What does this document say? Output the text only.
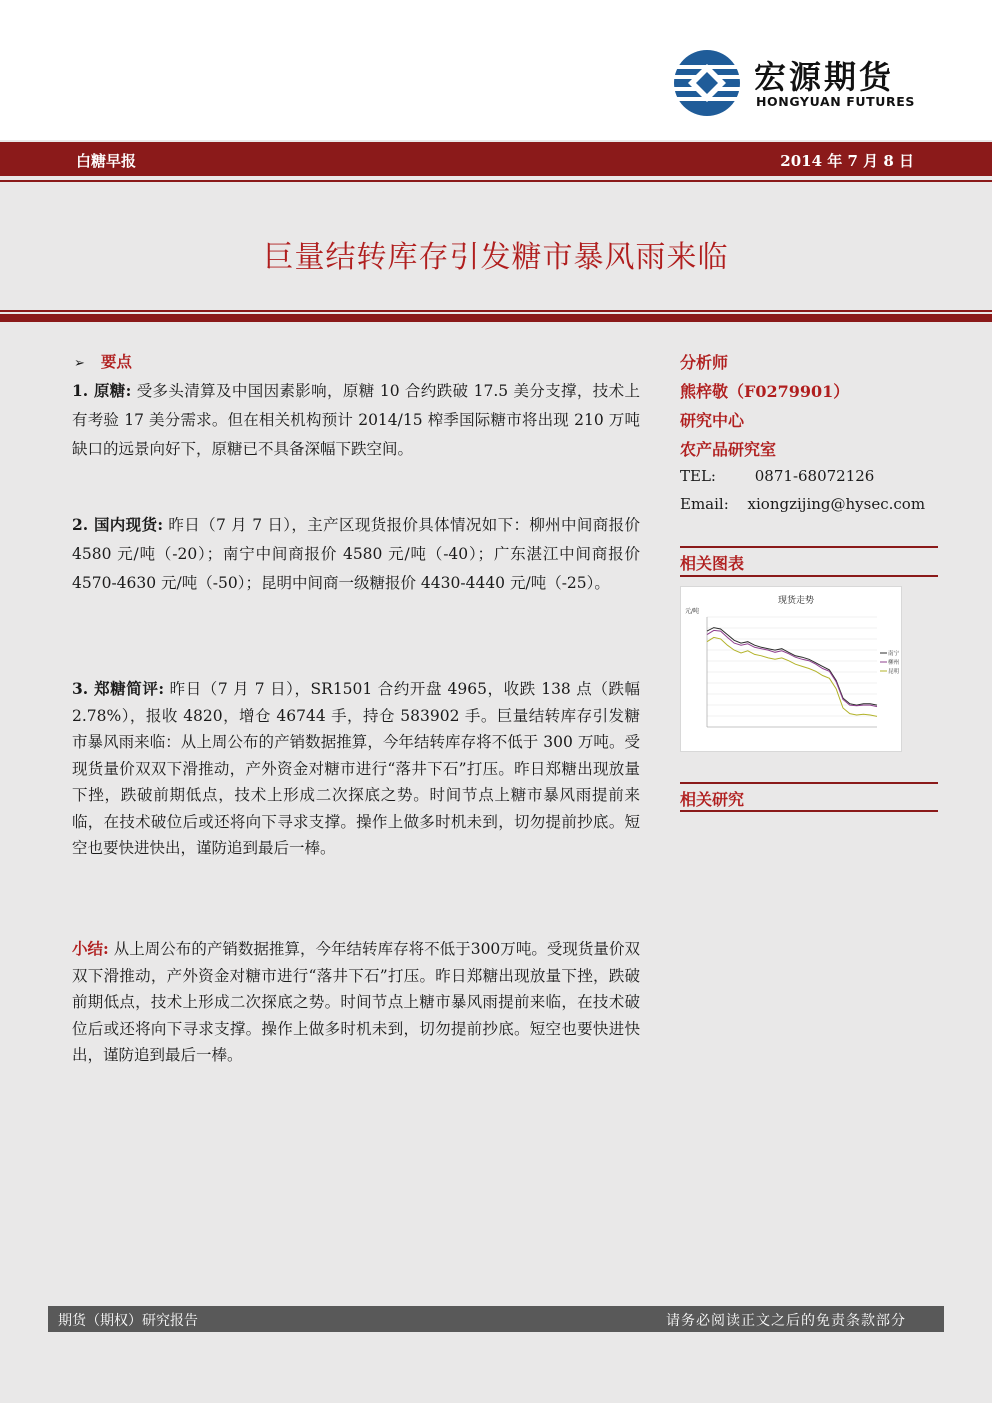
宏源期货
HONGYUAN FUTURES
白糖早报	2014 年 7 月 8 日
巨量结转库存引发糖市暴风雨来临
➢ 要点
1. 原糖: 受多头清算及中国因素影响，原糖 10 合约跌破 17.5 美分支撑，技术上有考验 17 美分需求。但在相关机构预计 2014/15 榨季国际糖市将出现 210 万吨缺口的远景向好下，原糖已不具备深幅下跌空间。
2. 国内现货: 昨日（7 月 7 日），主产区现货报价具体情况如下：柳州中间商报价 4580 元/吨（-20）；南宁中间商报价 4580 元/吨（-40）；广东湛江中间商报价 4570-4630 元/吨（-50）；昆明中间商一级糖报价 4430-4440 元/吨（-25）。
3. 郑糖简评: 昨日（7 月 7 日），SR1501 合约开盘 4965，收跌 138 点（跌幅 2.78%），报收 4820，增仓 46744 手，持仓 583902 手。巨量结转库存引发糖市暴风雨来临：从上周公布的产销数据推算，今年结转库存将不低于 300 万吨。受现货量价双双下滑推动，产外资金对糖市进行“落井下石”打压。昨日郑糖出现放量下挫，跌破前期低点，技术上形成二次探底之势。时间节点上糖市暴风雨提前来临，在技术破位后或还将向下寻求支撑。操作上做多时机未到，切勿提前抄底。短空也要快进快出，谨防追到最后一棒。
小结: 从上周公布的产销数据推算，今年结转库存将不低于300万吨。受现货量价双双下滑推动，产外资金对糖市进行“落井下石”打压。昨日郑糖出现放量下挫，跌破前期低点，技术上形成二次探底之势。时间节点上糖市暴风雨提前来临，在技术破位后或还将向下寻求支撑。操作上做多时机未到，切勿提前抄底。短空也要快进快出，谨防追到最后一棒。
分析师
熊梓敬（F0279901）
研究中心
农产品研究室
TEL:	0871-68072126
Email: xiongzijing@hysec.com
相关图表
现货走势
元/吨
南宁
柳州
昆明
相关研究
期货（期权）研究报告	请务必阅读正文之后的免责条款部分
